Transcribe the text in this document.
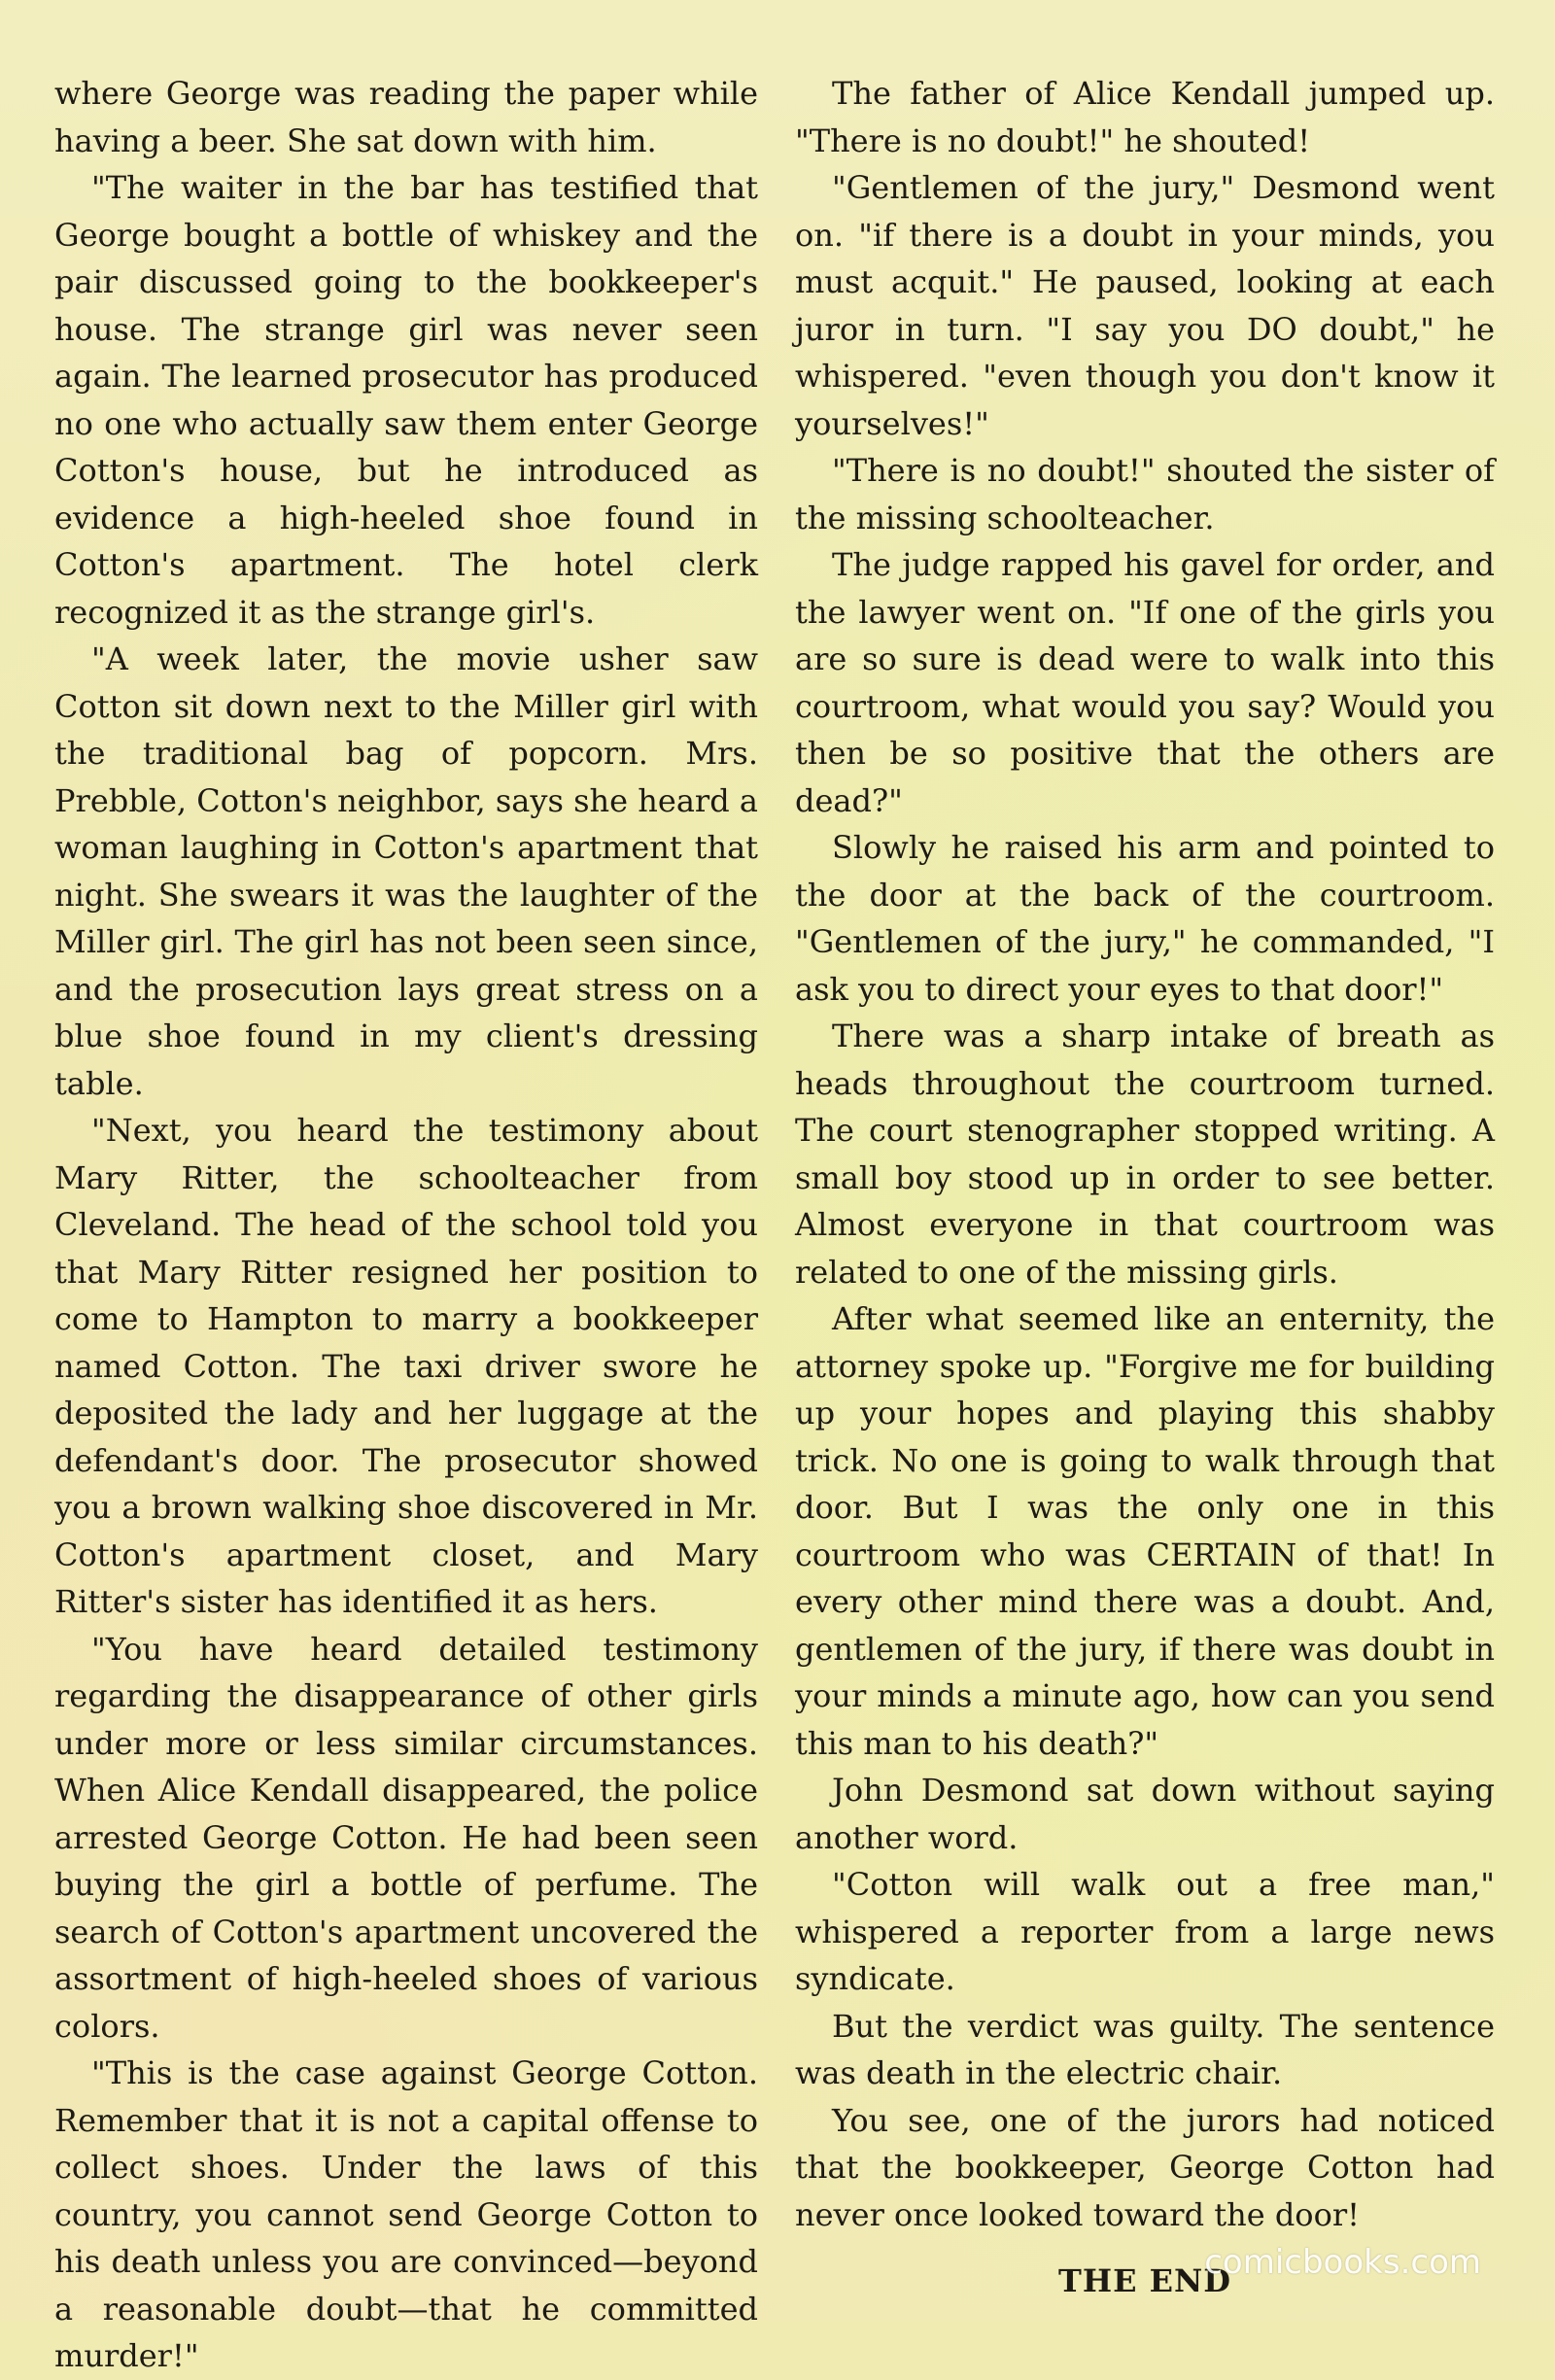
where George was reading the paper while having a beer. She sat down with him.

"The waiter in the bar has testified that George bought a bottle of whiskey and the pair discussed going to the bookkeeper's house. The strange girl was never seen again. The learned prosecutor has produced no one who actually saw them enter George Cotton's house, but he introduced as evidence a high-heeled shoe found in Cotton's apartment. The hotel clerk recognized it as the strange girl's.

"A week later, the movie usher saw Cotton sit down next to the Miller girl with the traditional bag of popcorn. Mrs. Prebble, Cotton's neighbor, says she heard a woman laughing in Cotton's apartment that night. She swears it was the laughter of the Miller girl. The girl has not been seen since, and the prosecution lays great stress on a blue shoe found in my client's dressing table.

"Next, you heard the testimony about Mary Ritter, the schoolteacher from Cleveland. The head of the school told you that Mary Ritter resigned her position to come to Hampton to marry a bookkeeper named Cotton. The taxi driver swore he deposited the lady and her luggage at the defendant's door. The prosecutor showed you a brown walking shoe discovered in Mr. Cotton's apartment closet, and Mary Ritter's sister has identified it as hers.

"You have heard detailed testimony regarding the disappearance of other girls under more or less similar circumstances. When Alice Kendall disappeared, the police arrested George Cotton. He had been seen buying the girl a bottle of perfume. The search of Cotton's apartment uncovered the assortment of high-heeled shoes of various colors.

"This is the case against George Cotton. Remember that it is not a capital offense to collect shoes. Under the laws of this country, you cannot send George Cotton to his death unless you are convinced—beyond a reasonable doubt—that he committed murder!"

The father of Alice Kendall jumped up. "There is no doubt!" he shouted!

"Gentlemen of the jury," Desmond went on. "if there is a doubt in your minds, you must acquit." He paused, looking at each juror in turn. "I say you DO doubt," he whispered. "even though you don't know it yourselves!"

"There is no doubt!" shouted the sister of the missing schoolteacher.

The judge rapped his gavel for order, and the lawyer went on. "If one of the girls you are so sure is dead were to walk into this courtroom, what would you say? Would you then be so positive that the others are dead?"

Slowly he raised his arm and pointed to the door at the back of the courtroom. "Gentlemen of the jury," he commanded, "I ask you to direct your eyes to that door!"

There was a sharp intake of breath as heads throughout the courtroom turned. The court stenographer stopped writing. A small boy stood up in order to see better. Almost everyone in that courtroom was related to one of the missing girls.

After what seemed like an enternity, the attorney spoke up. "Forgive me for building up your hopes and playing this shabby trick. No one is going to walk through that door. But I was the only one in this courtroom who was CERTAIN of that! In every other mind there was a doubt. And, gentlemen of the jury, if there was doubt in your minds a minute ago, how can you send this man to his death?"

John Desmond sat down without saying another word.

"Cotton will walk out a free man," whispered a reporter from a large news syndicate.

But the verdict was guilty. The sentence was death in the electric chair.

You see, one of the jurors had noticed that the bookkeeper, George Cotton had never once looked toward the door!

THE END

comicbooks.com
